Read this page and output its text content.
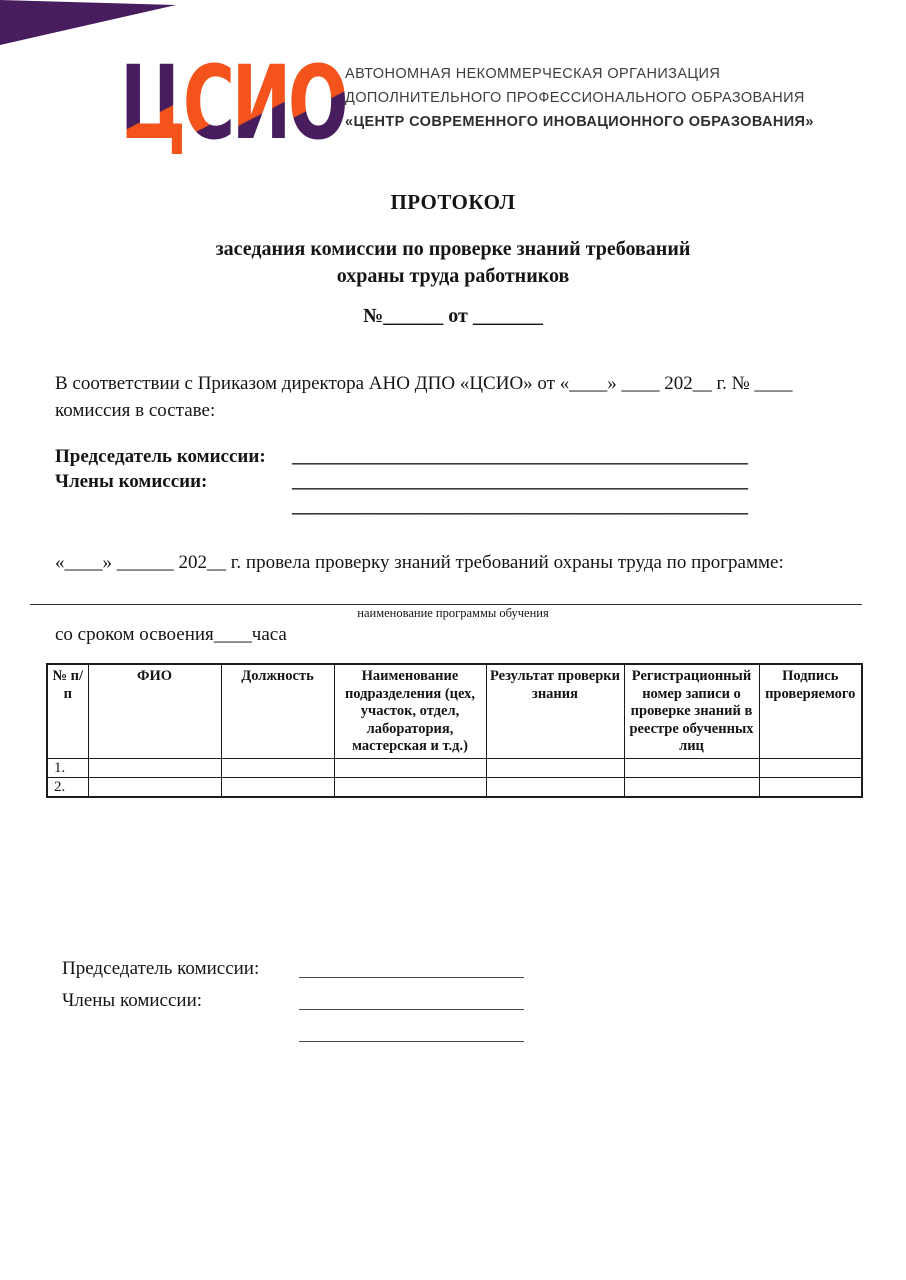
ЦСИО АВТОНОМНАЯ НЕКОММЕРЧЕСКАЯ ОРГАНИЗАЦИЯ
ДОПОЛНИТЕЛЬНОГО ПРОФЕССИОНАЛЬНОГО ОБРАЗОВАНИЯ
«ЦЕНТР СОВРЕМЕННОГО ИНОВАЦИОННОГО ОБРАЗОВАНИЯ»
ПРОТОКОЛ
заседания комиссии по проверке знаний требований
охраны труда работников
№______ от _______

В соответствии с Приказом директора АНО ДПО «ЦСИО» от «____» ____ 202__ г. № ____ комиссия в составе:

Председатель комиссии:	________________________________________________
Члены комиссии:	________________________________________________
________________________________________________

«____» ______ 202__ г. провела проверку знаний требований охраны труда по программе:

наименование программы обучения

со сроком освоения____часа

№ п/п	ФИО	Должность	Наименование подразделения (цех, участок, отдел, лаборатория, мастерская и т.д.)	Результат проверки знания	Регистрационный номер записи о проверке знаний в реестре обученных лиц	Подпись проверяемого
1.						
2.						
Председатель комиссии:
Члены комиссии:
